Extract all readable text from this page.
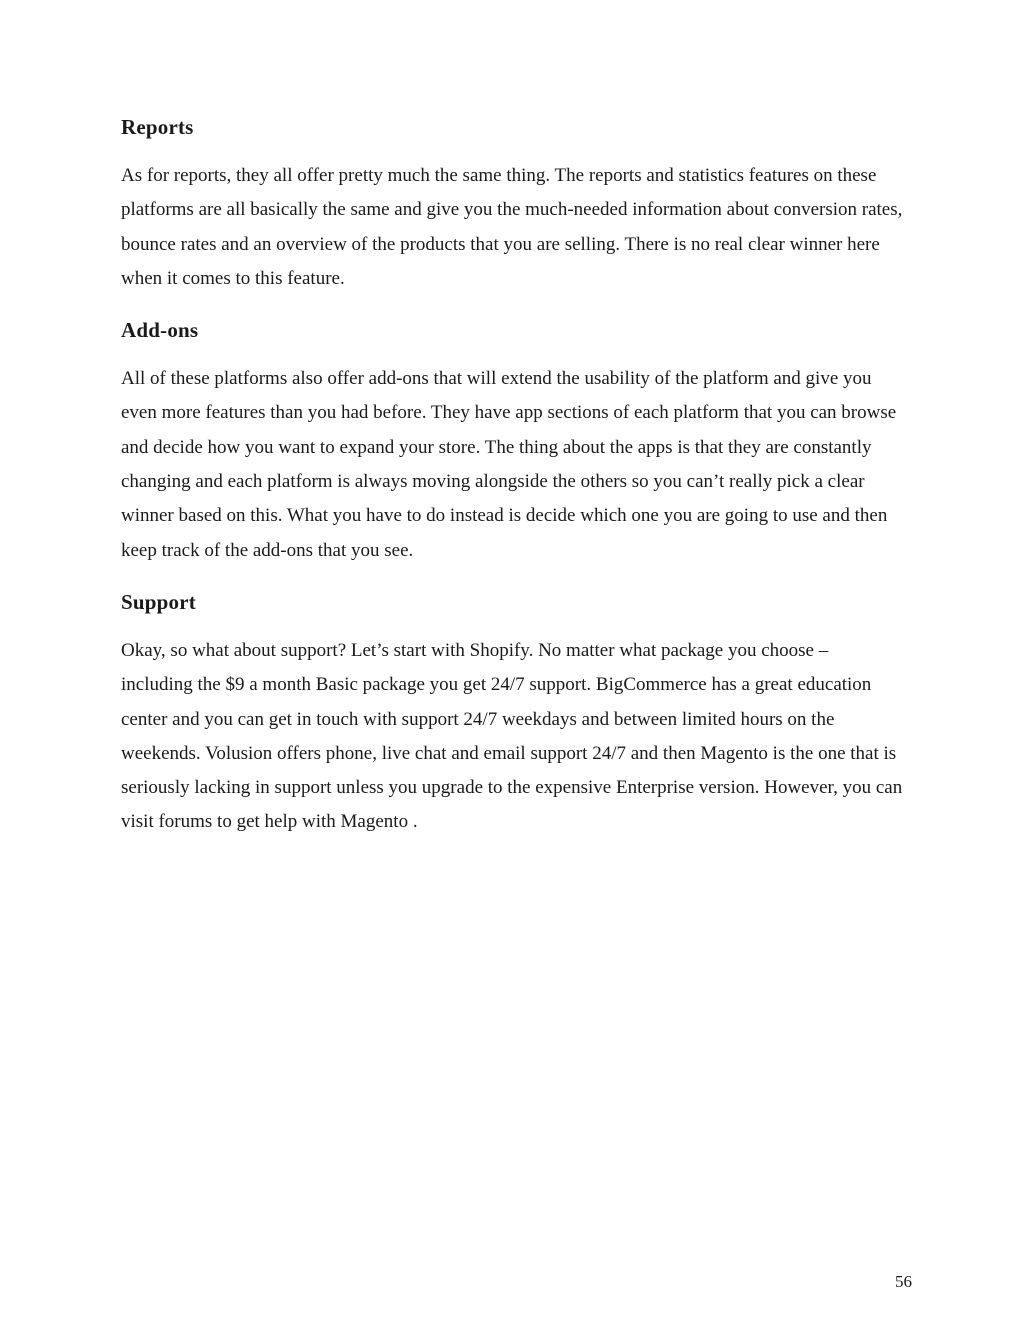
Reports

As for reports, they all offer pretty much the same thing. The reports and statistics features on these platforms are all basically the same and give you the much-needed information about conversion rates, bounce rates and an overview of the products that you are selling. There is no real clear winner here when it comes to this feature.

Add-ons

All of these platforms also offer add-ons that will extend the usability of the platform and give you even more features than you had before. They have app sections of each platform that you can browse and decide how you want to expand your store. The thing about the apps is that they are constantly changing and each platform is always moving alongside the others so you can’t really pick a clear winner based on this. What you have to do instead is decide which one you are going to use and then keep track of the add-ons that you see.

Support

Okay, so what about support? Let’s start with Shopify. No matter what package you choose – including the $9 a month Basic package you get 24/7 support. BigCommerce has a great education center and you can get in touch with support 24/7 weekdays and between limited hours on the weekends. Volusion offers phone, live chat and email support 24/7 and then Magento is the one that is seriously lacking in support unless you upgrade to the expensive Enterprise version. However, you can visit forums to get help with Magento .

56
